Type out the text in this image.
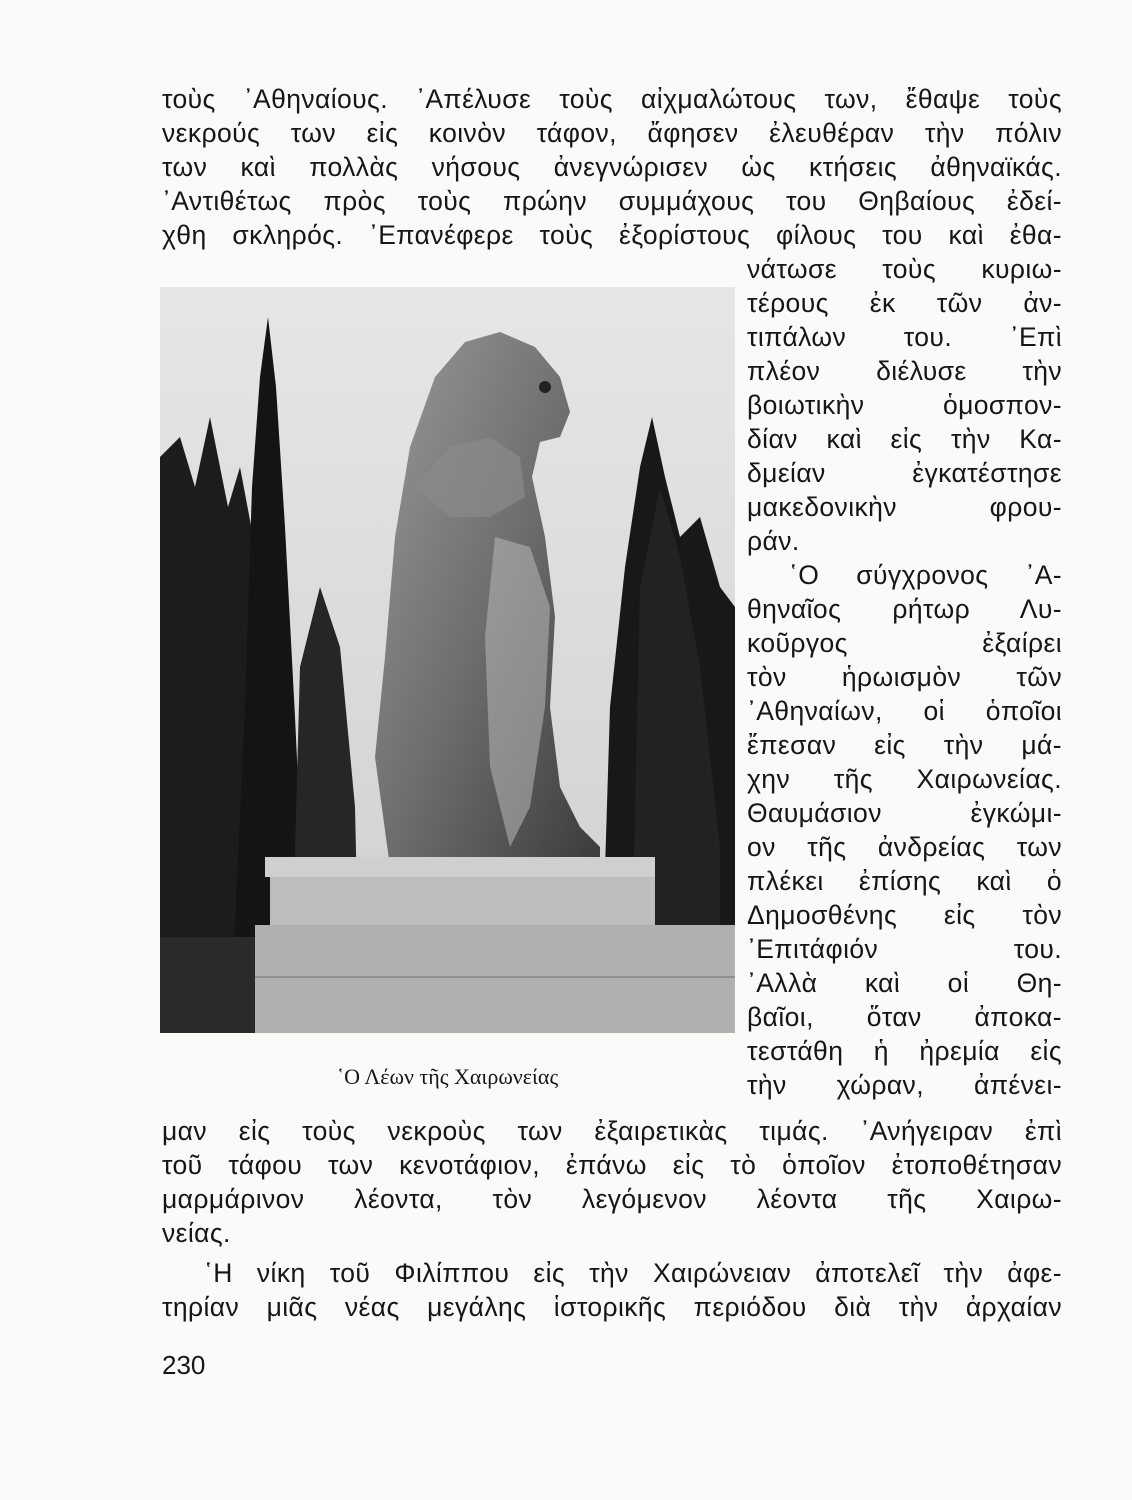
τοὺς ᾿Αθηναίους. ᾿Απέλυσε τοὺς αἰχμαλώτους των, ἔθαψε τοὺς
νεκρούς των εἰς κοινὸν τάφον, ἄφησεν ἐλευθέραν τὴν πόλιν
των καὶ πολλὰς νήσους ἀνεγνώρισεν ὡς κτήσεις ἀθηναϊκάς.
᾿Αντιθέτως πρὸς τοὺς πρώην συμμάχους του Θηβαίους ἐδεί-
χθη σκληρός. ᾿Επανέφερε τοὺς ἐξορίστους φίλους του καὶ ἐθα-
νάτωσε τοὺς κυριω-
τέρους ἐκ τῶν ἀν-
τιπάλων του. ᾿Επὶ
πλέον διέλυσε τὴν
βοιωτικὴν ὁμοσπον-
δίαν καὶ εἰς τὴν Κα-
δμείαν ἐγκατέστησε
μακεδονικὴν φρου-
ράν.
῾Ο σύγχρονος ᾿Α-
θηναῖος ρήτωρ Λυ-
κοῦργος ἐξαίρει
τὸν ἡρωισμὸν τῶν
᾿Αθηναίων, οἱ ὁποῖοι
ἔπεσαν εἰς τὴν μά-
χην τῆς Χαιρωνείας.
Θαυμάσιον ἐγκώμι-
ον τῆς ἀνδρείας των
πλέκει ἐπίσης καὶ ὁ
Δημοσθένης εἰς τὸν
᾿Επιτάφιόν του.
᾿Αλλὰ καὶ οἱ Θη-
βαῖοι, ὅταν ἀποκα-
τεστάθη ἡ ἠρεμία εἰς
τὴν χώραν, ἀπένει-
῾Ο Λέων τῆς Χαιρωνείας
μαν εἰς τοὺς νεκροὺς των ἐξαιρετικὰς τιμάς. ᾿Ανήγειραν ἐπὶ
τοῦ τάφου των κενοτάφιον, ἐπάνω εἰς τὸ ὁποῖον ἐτοποθέτησαν
μαρμάρινον λέοντα, τὸν λεγόμενον λέοντα τῆς Χαιρω-
νείας.
῾Η νίκη τοῦ Φιλίππου εἰς τὴν Χαιρώνειαν ἀποτελεῖ τὴν ἀφε-
τηρίαν μιᾶς νέας μεγάλης ἱστορικῆς περιόδου διὰ τὴν ἀρχαίαν
230
